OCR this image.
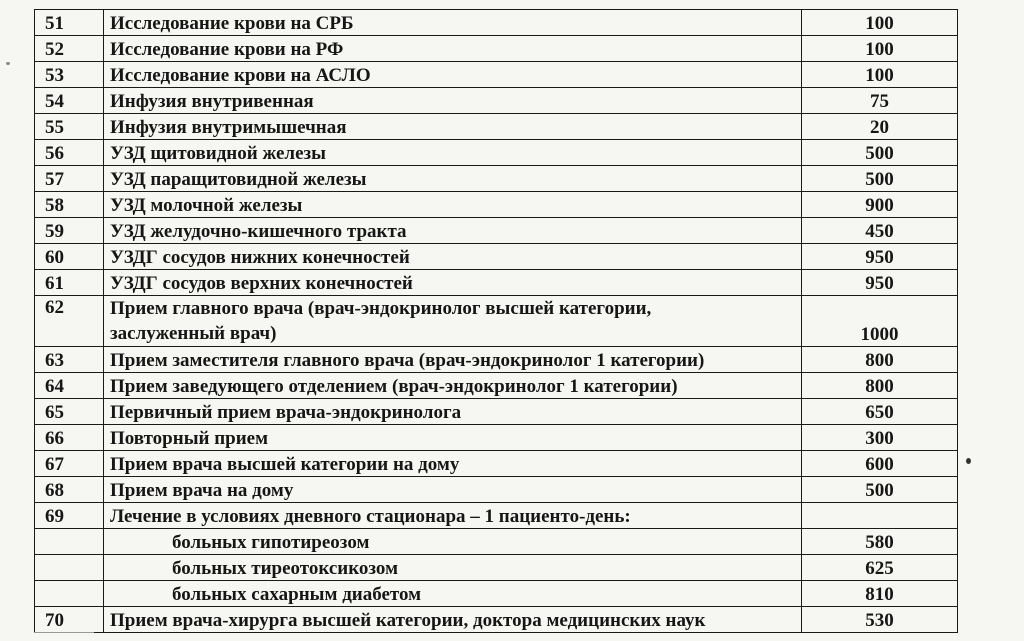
51	Исследование крови на СРБ	100
52	Исследование крови на РФ	100
53	Исследование крови на АСЛО	100
54	Инфузия внутривенная	75
55	Инфузия внутримышечная	20
56	УЗД щитовидной железы	500
57	УЗД паращитовидной железы	500
58	УЗД молочной железы	900
59	УЗД желудочно-кишечного тракта	450
60	УЗДГ сосудов нижних конечностей	950
61	УЗДГ сосудов верхних конечностей	950
62	Прием главного врача (врач-эндокринолог высшей категории,
заслуженный врач)	1000
63	Прием заместителя главного врача (врач-эндокринолог 1 категории)	800
64	Прием заведующего отделением (врач-эндокринолог 1 категории)	800
65	Первичный прием врача-эндокринолога	650
66	Повторный прием	300
67	Прием врача высшей категории на дому	600
68	Прием врача на дому	500
69	Лечение в условиях дневного стационара – 1 пациенто-день:	
	больных гипотиреозом	580
	больных тиреотоксикозом	625
	больных сахарным диабетом	810
70	Прием врача-хирурга высшей категории, доктора медицинских наук	530
